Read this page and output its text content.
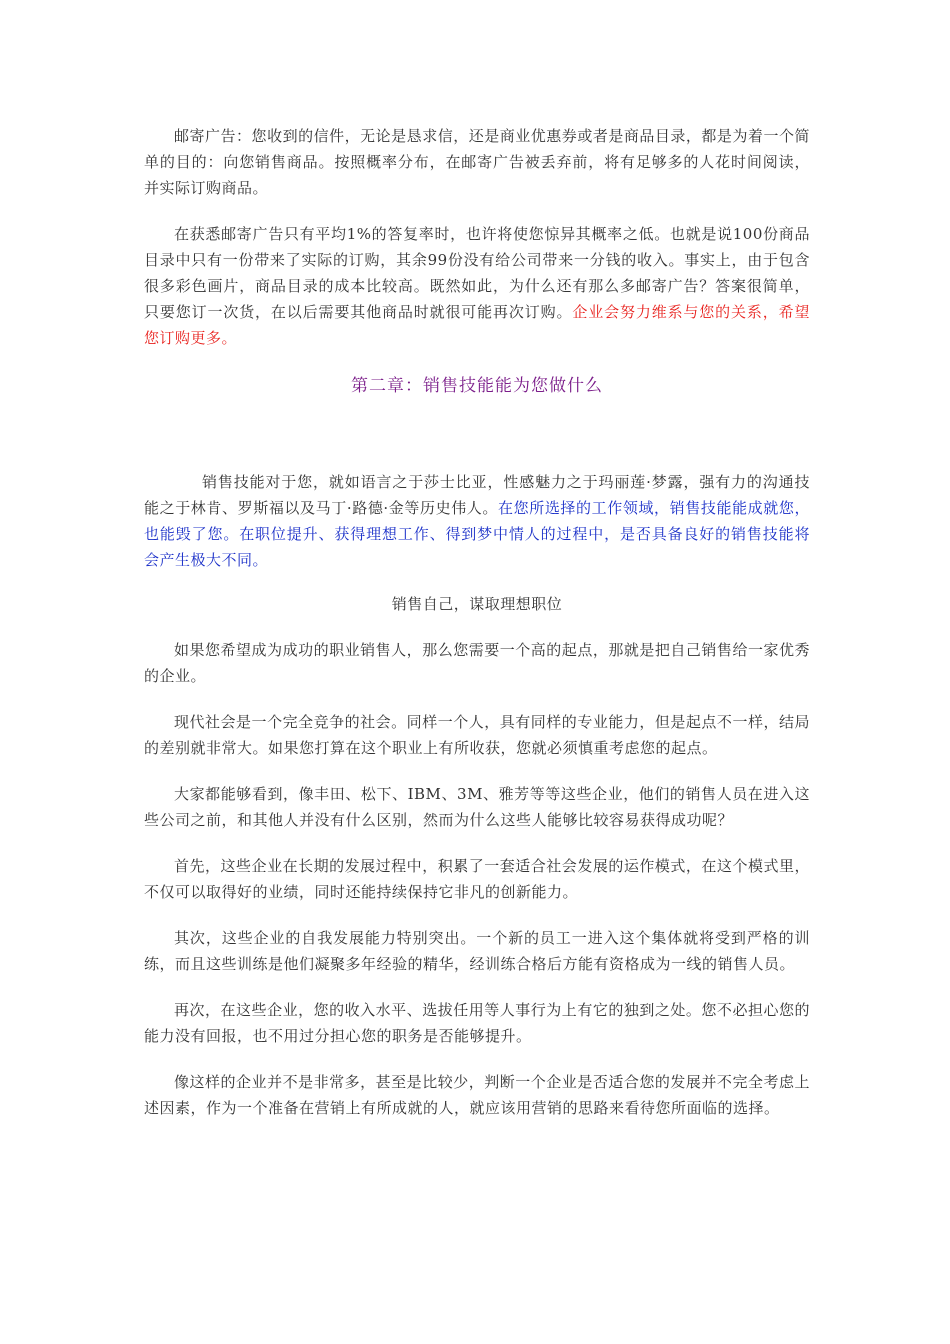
邮寄广告：您收到的信件，无论是恳求信，还是商业优惠券或者是商品目录，都是为着一个简单的目的：向您销售商品。按照概率分布，在邮寄广告被丢弃前，将有足够多的人花时间阅读，并实际订购商品。

在获悉邮寄广告只有平均1%的答复率时，也许将使您惊异其概率之低。也就是说100份商品目录中只有一份带来了实际的订购，其余99份没有给公司带来一分钱的收入。事实上，由于包含很多彩色画片，商品目录的成本比较高。既然如此，为什么还有那么多邮寄广告？答案很简单，只要您订一次货，在以后需要其他商品时就很可能再次订购。企业会努力维系与您的关系，希望您订购更多。

第二章：销售技能能为您做什么

销售技能对于您，就如语言之于莎士比亚，性感魅力之于玛丽莲·梦露，强有力的沟通技能之于林肯、罗斯福以及马丁·路德·金等历史伟人。在您所选择的工作领域，销售技能能成就您，也能毁了您。在职位提升、获得理想工作、得到梦中情人的过程中，是否具备良好的销售技能将会产生极大不同。

销售自己，谋取理想职位

如果您希望成为成功的职业销售人，那么您需要一个高的起点，那就是把自己销售给一家优秀的企业。

现代社会是一个完全竞争的社会。同样一个人，具有同样的专业能力，但是起点不一样，结局的差别就非常大。如果您打算在这个职业上有所收获，您就必须慎重考虑您的起点。

大家都能够看到，像丰田、松下、IBM、3M、雅芳等等这些企业，他们的销售人员在进入这些公司之前，和其他人并没有什么区别，然而为什么这些人能够比较容易获得成功呢？

首先，这些企业在长期的发展过程中，积累了一套适合社会发展的运作模式，在这个模式里，不仅可以取得好的业绩，同时还能持续保持它非凡的创新能力。

其次，这些企业的自我发展能力特别突出。一个新的员工一进入这个集体就将受到严格的训练，而且这些训练是他们凝聚多年经验的精华，经训练合格后方能有资格成为一线的销售人员。

再次，在这些企业，您的收入水平、选拔任用等人事行为上有它的独到之处。您不必担心您的能力没有回报，也不用过分担心您的职务是否能够提升。

像这样的企业并不是非常多，甚至是比较少，判断一个企业是否适合您的发展并不完全考虑上述因素，作为一个准备在营销上有所成就的人，就应该用营销的思路来看待您所面临的选择。
